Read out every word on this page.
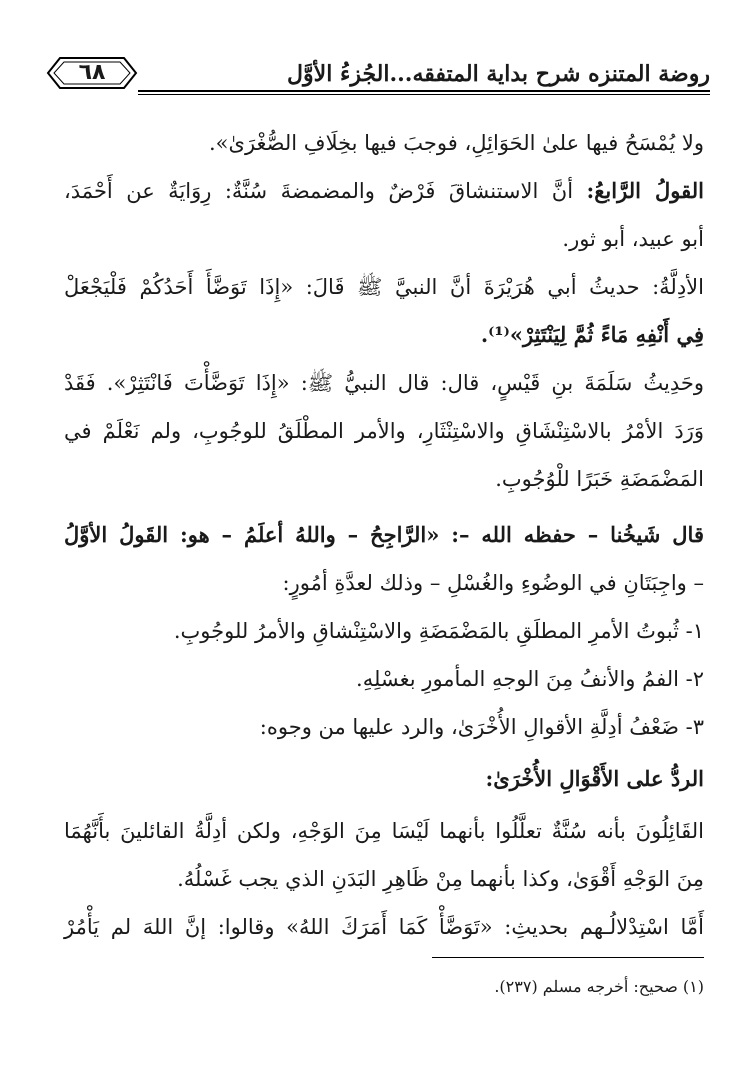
٦٨	روضة المتنزه شرح بداية المتفقه...الجُزءُ الأوَّل
ولا يُمْسَحُ فيها علىٰ الحَوَائِلِ، فوجبَ فيها بخِلَافِ الصُّغْرَىٰ».
القولُ الرَّابعُ: أنَّ الاستنشاقَ فَرْضٌ والمضمضةَ سُنَّةٌ: رِوَايَةٌ عن أَحْمَدَ،
أبو عبيد، أبو ثور.
الأدِلَّةُ: حديثُ أبي هُرَيْرَةَ أنَّ النبيَّ ﷺ قَالَ: «إِذَا تَوَضَّأَ أَحَدُكُمْ فَلْيَجْعَلْ
فِي أَنْفِهِ مَاءً ثُمَّ لِيَنْتَثِرْ»⁽¹⁾.
وحَدِيثُ سَلَمَةَ بنِ قَيْسٍ، قال: قال النبيُّ ﷺ: «إِذَا تَوَضَّأْتَ فَانْتَثِرْ». فَقَدْ
وَرَدَ الأمْرُ بالاسْتِنْشَاقِ والاسْتِنْثَارِ، والأمر المطْلَقُ للوجُوبِ، ولم نَعْلَمْ في
المَضْمَضَةِ خَبَرًا للْوُجُوبِ.
قال شَيخُنا – حفظه الله –: «الرَّاجِحُ – واللهُ أعلَمُ – هو: القَولُ الأوَّلُ
– واجِبَتَانِ في الوضُوءِ والغُسْلِ – وذلك لعدَّةِ أمُورٍ:
١- ثُبوتُ الأمرِ المطلَقِ بالمَضْمَضَةِ والاسْتِنْشاقِ والأمرُ للوجُوبِ.
٢- الفمُ والأنفُ مِنَ الوجهِ المأمورِ بغسْلِهِ.
٣- ضَعْفُ أدِلَّةِ الأقوالِ الأُخْرَىٰ، والرد عليها من وجوه:
الردُّ على الأَقْوَالِ الأُخْرَىٰ:
القَائِلُونَ بأنه سُنَّةٌ تعلَّلُوا بأنهما لَيْسَا مِنَ الوَجْهِ، ولكن أدِلَّةُ القائلينَ بأَنَّهُمَا
مِنَ الوَجْهِ أَقْوَىٰ، وكذا بأنهما مِنْ ظَاهِرِ البَدَنِ الذي يجب غَسْلُهُ.
أَمَّا اسْتِدْلالُـهم بحديثِ: «تَوَضَّأْ كَمَا أَمَرَكَ اللهُ» وقالوا: إنَّ اللهَ لم يَأْمُرْ
(١) صحيح: أخرجه مسلم (٢٣٧).
